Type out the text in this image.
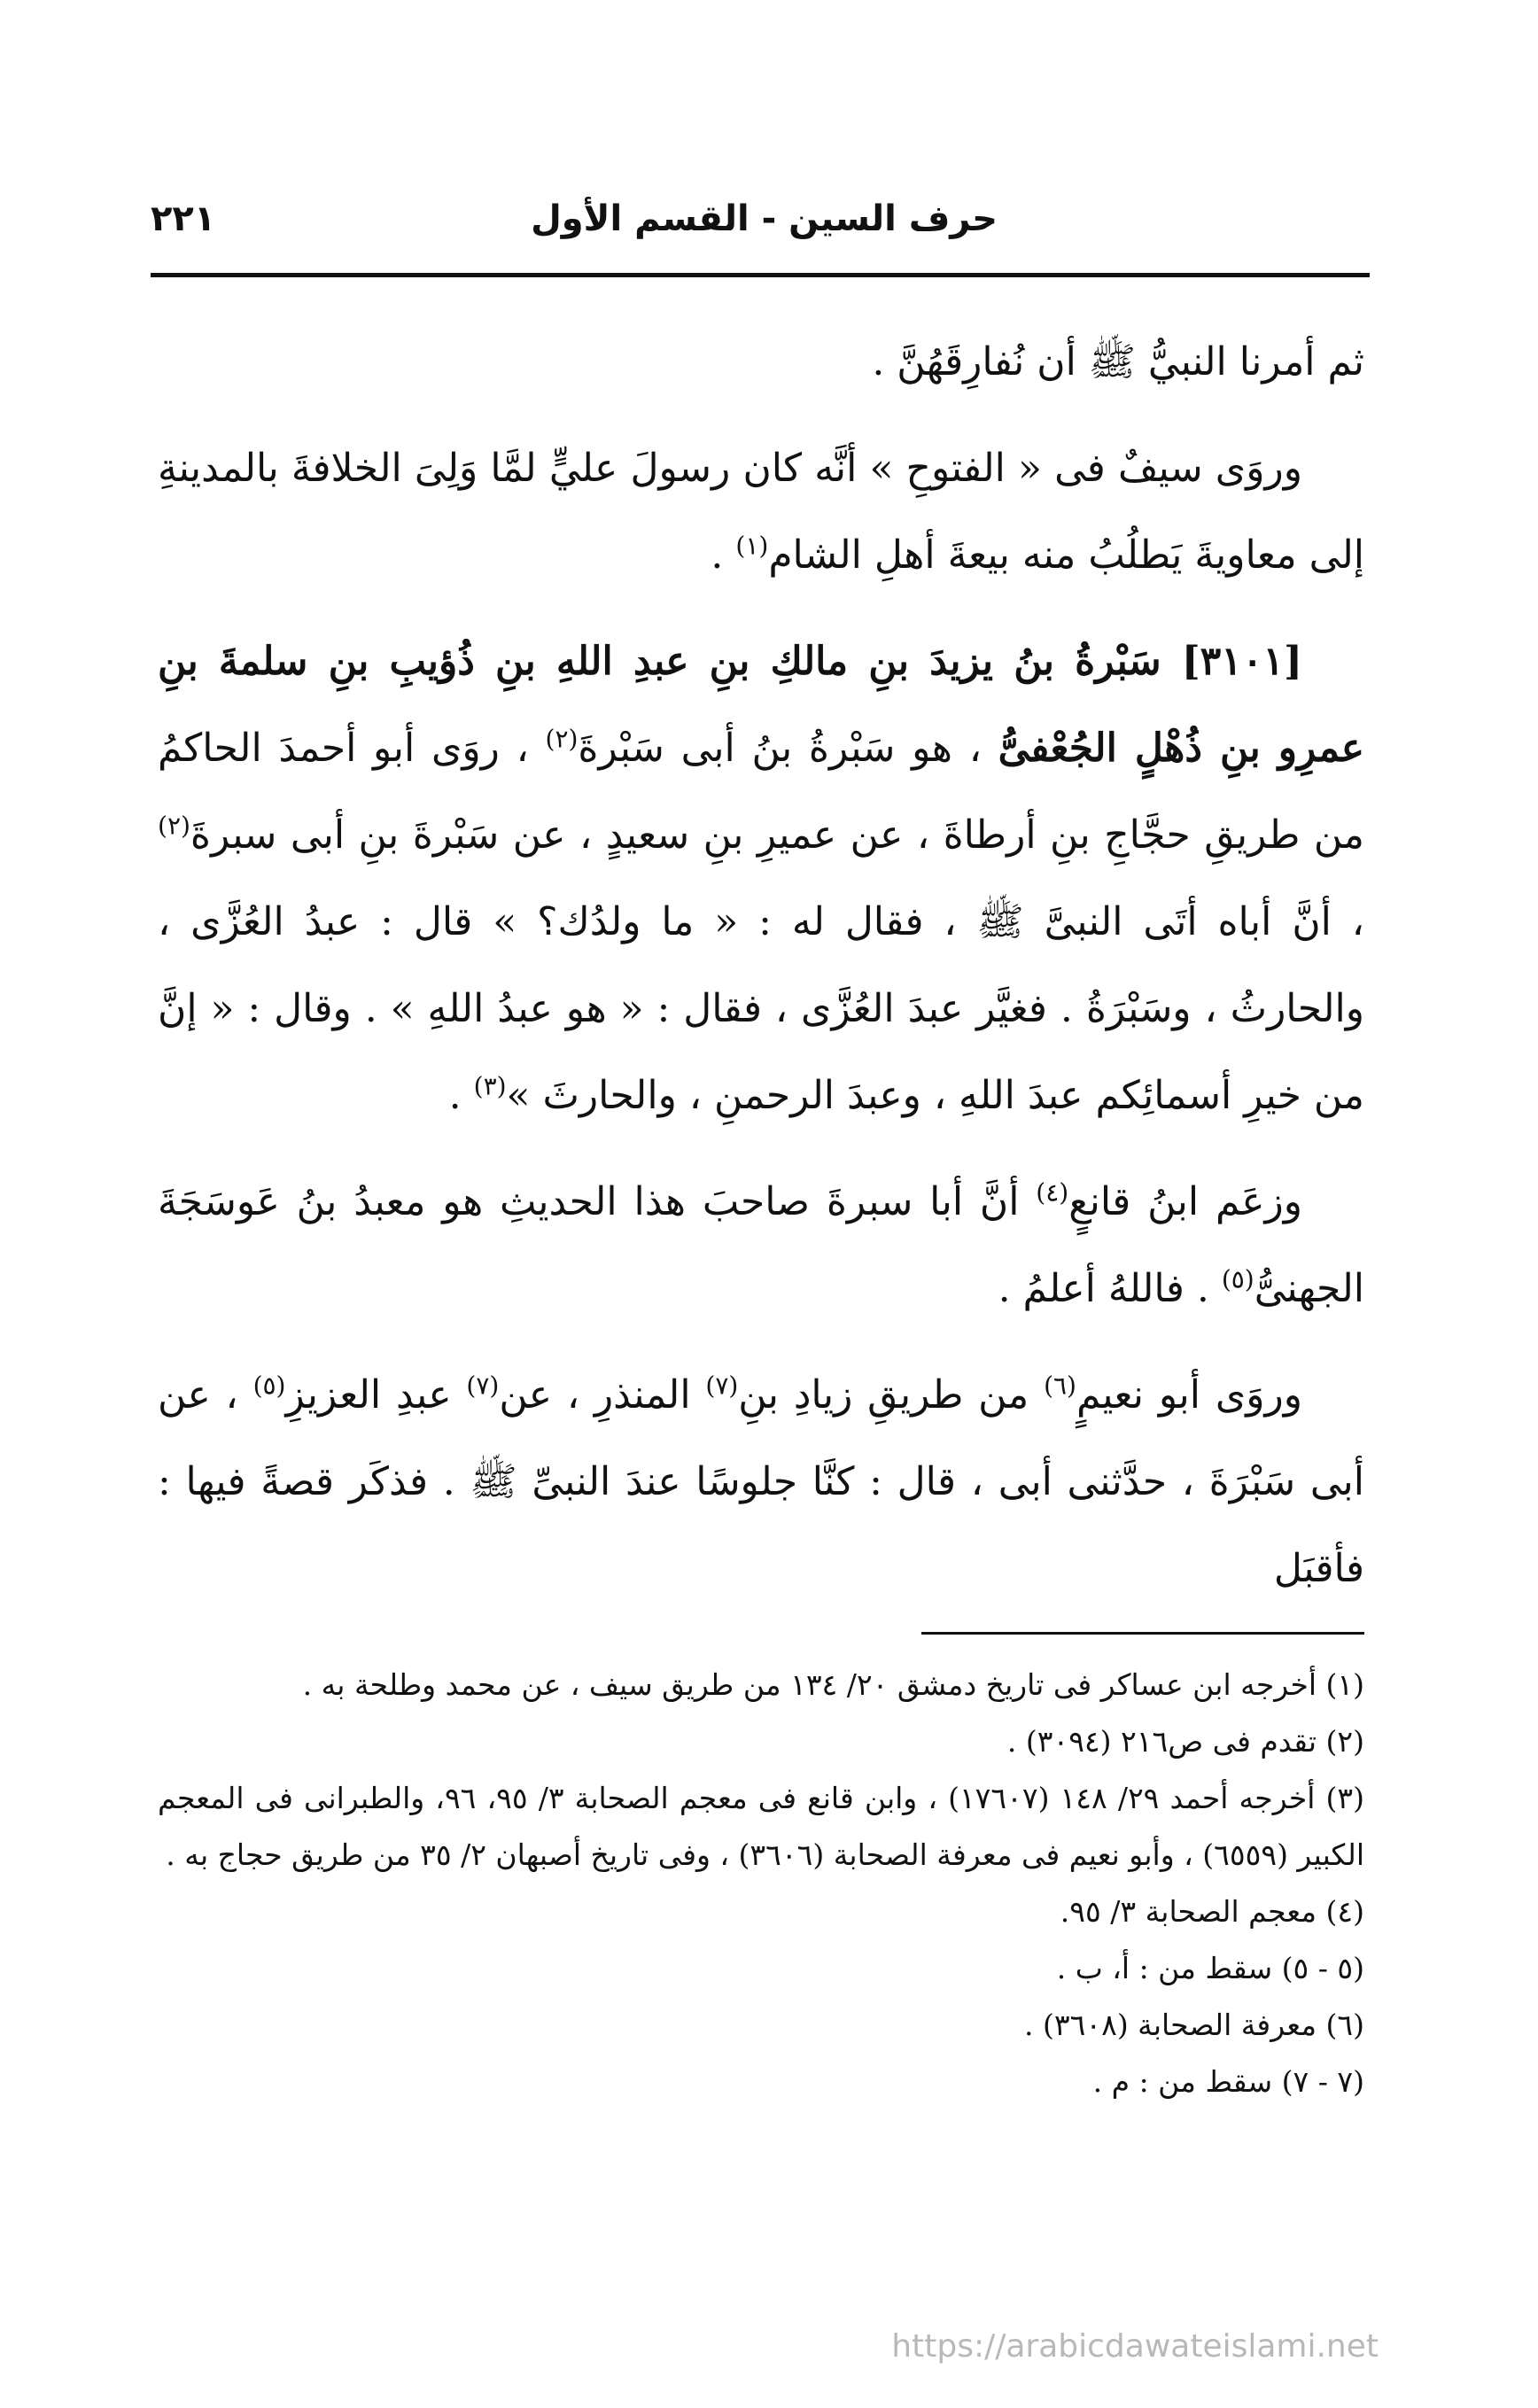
حرف السين - القسم الأول
٢٢١

ثم أمرنا النبيُّ ﷺ أن نُفارِقَهُنَّ .

وروَى سيفٌ فى « الفتوحِ » أنَّه كان رسولَ عليٍّ لمَّا وَلِىَ الخلافةَ بالمدينةِ إلى معاويةَ يَطلُبُ منه بيعةَ أهلِ الشام$^{(١)}$ .

[٣١٠١] سَبْرةُ بنُ يزيدَ بنِ مالكِ بنِ عبدِ اللهِ بنِ ذُؤيبِ بنِ سلمةَ بنِ عمرِو بنِ ذُهْلٍ الجُعْفىُّ ، هو سَبْرةُ بنُ أبى سَبْرةَ$^{(٢)}$ ، روَى أبو أحمدَ الحاكمُ من طريقِ حجَّاجِ بنِ أرطاةَ ، عن عميرِ بنِ سعيدٍ ، عن سَبْرةَ بنِ أبى سبرةَ$^{(٢)}$ ، أنَّ أباه أتَى النبىَّ ﷺ ، فقال له : « ما ولدُك؟ » قال : عبدُ العُزَّى ، والحارثُ ، وسَبْرَةُ . فغيَّر عبدَ العُزَّى ، فقال : « هو عبدُ اللهِ » . وقال : « إنَّ من خيرِ أسمائِكم عبدَ اللهِ ، وعبدَ الرحمنِ ، والحارثَ »$^{(٣)}$ .

وزعَم ابنُ قانعٍ$^{(٤)}$ أنَّ أبا سبرةَ صاحبَ هذا الحديثِ هو معبدُ بنُ عَوسَجَةَ الجهنىُّ$^{(٥)}$ . فاللهُ أعلمُ .

وروَى أبو نعيمٍ$^{(٦)}$ من طريقِ زيادِ بنِ$^{(٧)}$ المنذرِ ، عن$^{(٧)}$ عبدِ العزيزِ$^{(٥)}$ ، عن أبى سَبْرَةَ ، حدَّثنى أبى ، قال : كنَّا جلوسًا عندَ النبىِّ ﷺ . فذكَر قصةً فيها : فأقبَل

(١) أخرجه ابن عساكر فى تاريخ دمشق ٢٠/ ١٣٤ من طريق سيف ، عن محمد وطلحة به .

(٢) تقدم فى ص٢١٦ (٣٠٩٤) .

(٣) أخرجه أحمد ٢٩/ ١٤٨ (١٧٦٠٧) ، وابن قانع فى معجم الصحابة ٣/ ٩٥، ٩٦، والطبرانى فى المعجم الكبير (٦٥٥٩) ، وأبو نعيم فى معرفة الصحابة (٣٦٠٦) ، وفى تاريخ أصبهان ٢/ ٣٥ من طريق حجاج به .

(٤) معجم الصحابة ٣/ ٩٥.

(٥ - ٥) سقط من : أ، ب .

(٦) معرفة الصحابة (٣٦٠٨) .

(٧ - ٧) سقط من : م .

https://arabicdawateislami.net
